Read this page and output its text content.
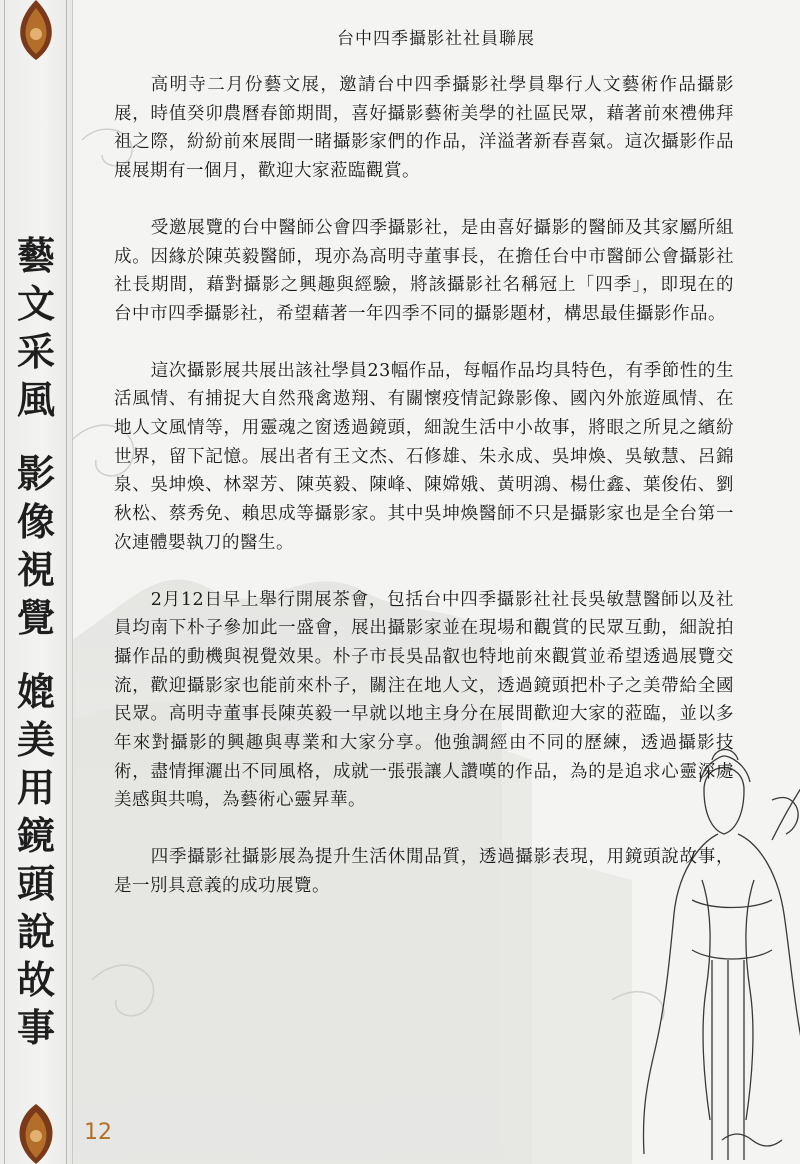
藝
文
采
風
影
像
視
覺
媲
美
用
鏡
頭
說
故
事
台中四季攝影社社員聯展

高明寺二月份藝文展，邀請台中四季攝影社學員舉行人文藝術作品攝影展，時值癸卯農曆春節期間，喜好攝影藝術美學的社區民眾，藉著前來禮佛拜祖之際，紛紛前來展間一睹攝影家們的作品，洋溢著新春喜氣。這次攝影作品展展期有一個月，歡迎大家蒞臨觀賞。

受邀展覽的台中醫師公會四季攝影社，是由喜好攝影的醫師及其家屬所組成。因緣於陳英毅醫師，現亦為高明寺董事長，在擔任台中市醫師公會攝影社社長期間，藉對攝影之興趣與經驗，將該攝影社名稱冠上「四季」，即現在的台中市四季攝影社，希望藉著一年四季不同的攝影題材，構思最佳攝影作品。

這次攝影展共展出該社學員23幅作品，每幅作品均具特色，有季節性的生活風情、有捕捉大自然飛禽遨翔、有關懷疫情記錄影像、國內外旅遊風情、在地人文風情等，用靈魂之窗透過鏡頭，細說生活中小故事，將眼之所見之繽紛世界，留下記憶。展出者有王文杰、石修雄、朱永成、吳坤煥、吳敏慧、呂錦泉、吳坤煥、林翠芳、陳英毅、陳峰、陳嫦娥、黃明鴻、楊仕鑫、葉俊佑、劉秋松、蔡秀免、賴思成等攝影家。其中吳坤煥醫師不只是攝影家也是全台第一次連體嬰執刀的醫生。

2月12日早上舉行開展茶會，包括台中四季攝影社社長吳敏慧醫師以及社員均南下朴子參加此一盛會，展出攝影家並在現場和觀賞的民眾互動，細說拍攝作品的動機與視覺效果。朴子市長吳品叡也特地前來觀賞並希望透過展覽交流，歡迎攝影家也能前來朴子，關注在地人文，透過鏡頭把朴子之美帶給全國民眾。高明寺董事長陳英毅一早就以地主身分在展間歡迎大家的蒞臨，並以多年來對攝影的興趣與專業和大家分享。他強調經由不同的歷練，透過攝影技術，盡情揮灑出不同風格，成就一張張讓人讚嘆的作品，為的是追求心靈深處美感與共鳴，為藝術心靈昇華。

四季攝影社攝影展為提升生活休閒品質，透過攝影表現，用鏡頭說故事，是一別具意義的成功展覽。

12
